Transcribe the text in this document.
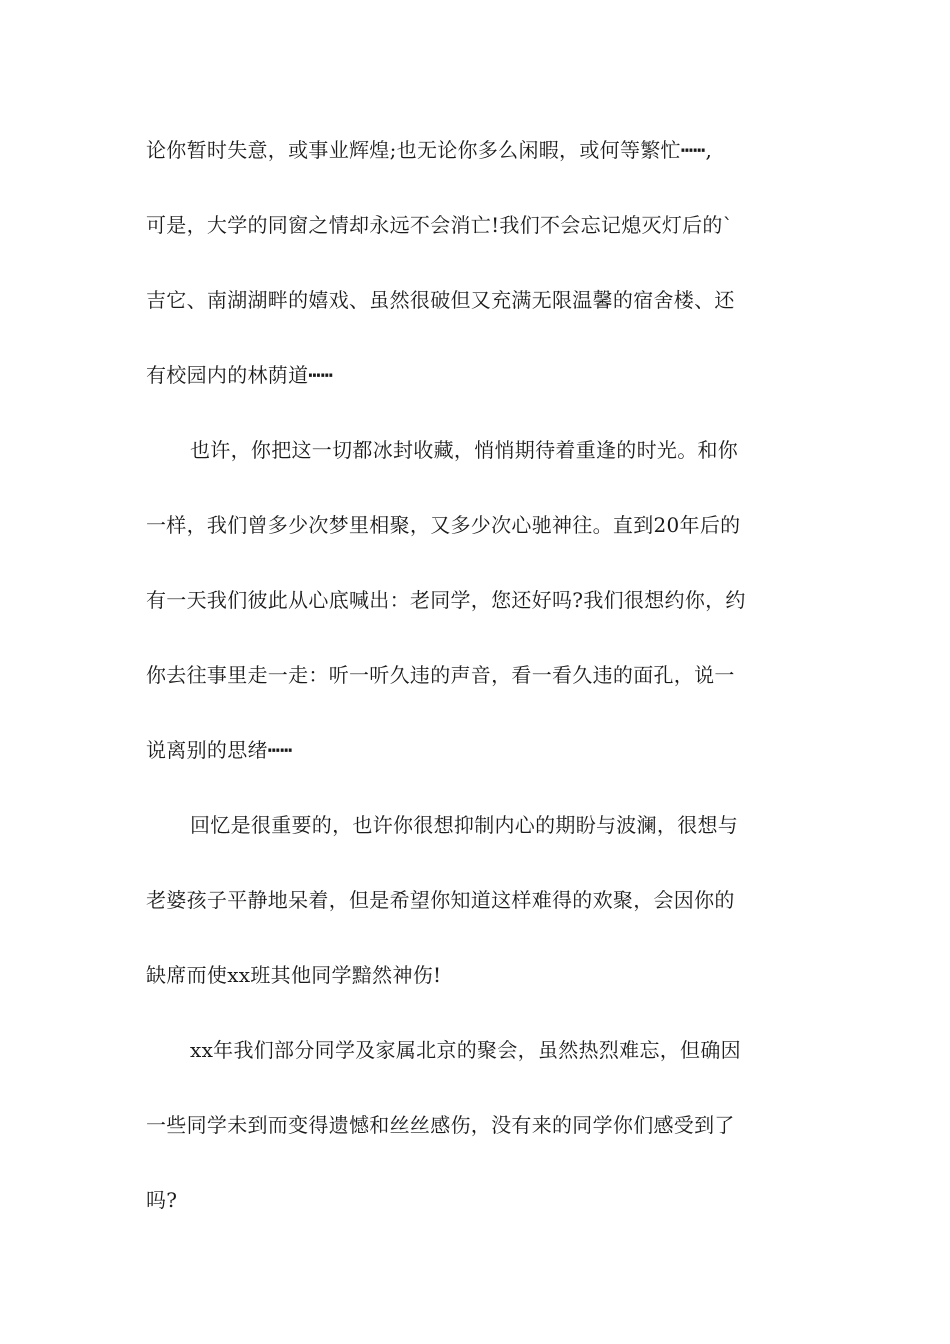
论你暂时失意，或事业辉煌;也无论你多么闲暇，或何等繁忙┅┅,
可是，大学的同窗之情却永远不会消亡!我们不会忘记熄灭灯后的`
吉它、南湖湖畔的嬉戏、虽然很破但又充满无限温馨的宿舍楼、还
有校园内的林荫道┅┅
也许，你把这一切都冰封收藏，悄悄期待着重逢的时光。和你
一样，我们曾多少次梦里相聚，又多少次心驰神往。直到20年后的
有一天我们彼此从心底喊出：老同学，您还好吗?我们很想约你，约
你去往事里走一走：听一听久违的声音，看一看久违的面孔，说一
说离别的思绪┅┅
回忆是很重要的，也许你很想抑制内心的期盼与波澜，很想与
老婆孩子平静地呆着，但是希望你知道这样难得的欢聚，会因你的
缺席而使xx班其他同学黯然神伤!
xx年我们部分同学及家属北京的聚会，虽然热烈难忘，但确因
一些同学未到而变得遗憾和丝丝感伤，没有来的同学你们感受到了
吗?
